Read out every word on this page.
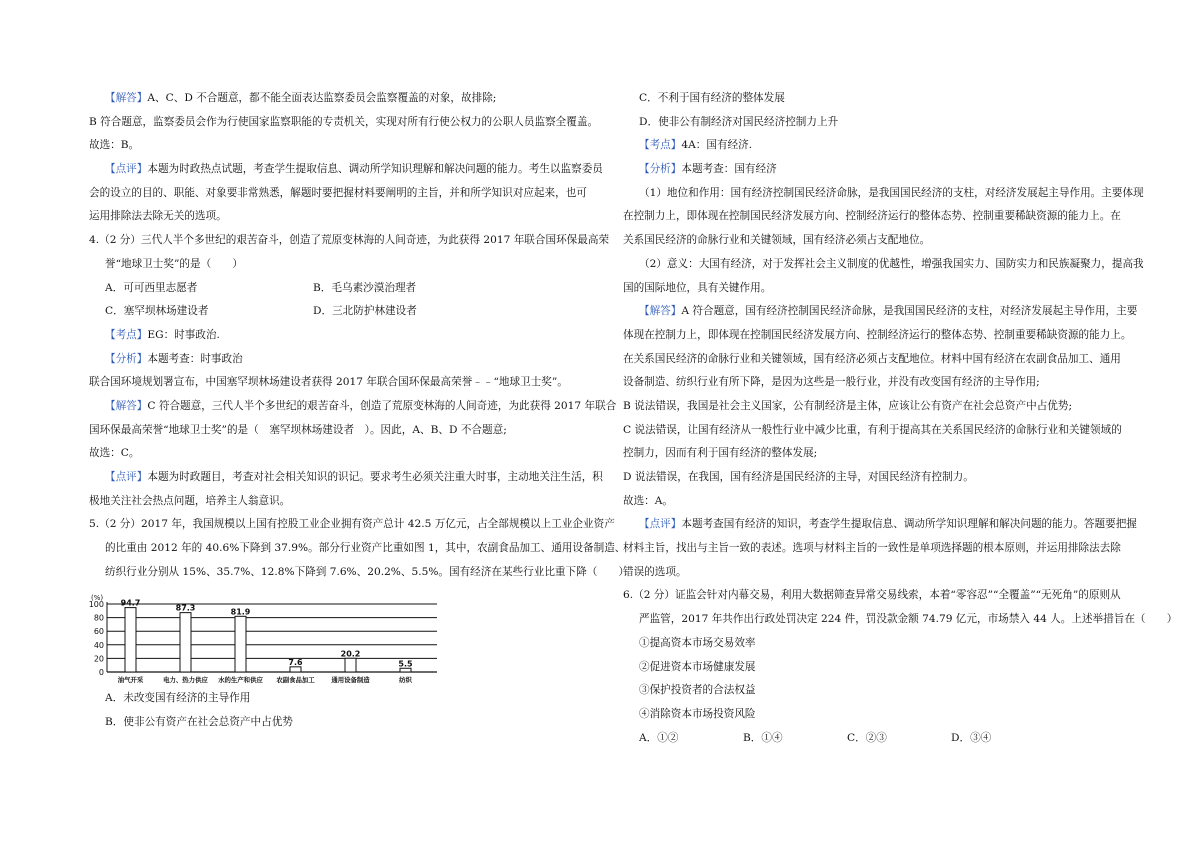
【解答】A、C、D 不合题意，都不能全面表达监察委员会监察覆盖的对象，故排除;
B 符合题意，监察委员会作为行使国家监察职能的专责机关，实现对所有行使公权力的公职人员监察全覆盖。
故选：B。
【点评】本题为时政热点试题，考查学生提取信息、调动所学知识理解和解决问题的能力。考生以监察委员
会的设立的目的、职能、对象要非常熟悉，解题时要把握材料要阐明的主旨，并和所学知识对应起来，也可
运用排除法去除无关的选项。
4.（2 分）三代人半个多世纪的艰苦奋斗，创造了荒原变林海的人间奇迹，为此获得 2017 年联合国环保最高荣
誉“地球卫士奖”的是（　　）
A．可可西里志愿者	B．毛乌素沙漠治理者
C．塞罕坝林场建设者	D．三北防护林建设者
【考点】EG：时事政治.
【分析】本题考查：时事政治
联合国环境规划署宣布，中国塞罕坝林场建设者获得 2017 年联合国环保最高荣誉﹣﹣“地球卫士奖”。
【解答】C 符合题意，三代人半个多世纪的艰苦奋斗，创造了荒原变林海的人间奇迹，为此获得 2017 年联合
国环保最高荣誉“地球卫士奖”的是（　塞罕坝林场建设者　）。因此，A、B、D 不合题意;
故选：C。
【点评】本题为时政题目，考查对社会相关知识的识记。要求考生必须关注重大时事，主动地关注生活，积
极地关注社会热点问题，培养主人翁意识。
5.（2 分）2017 年，我国规模以上国有控股工业企业拥有资产总计 42.5 万亿元，占全部规模以上工业企业资产
的比重由 2012 年的 40.6%下降到 37.9%。部分行业资产比重如图 1，其中，农副食品加工、通用设备制造、
纺织行业分别从 15%、35.7%、12.8%下降到 7.6%、20.2%、5.5%。国有经济在某些行业比重下降（　　）
(%)
0
20
40
60
80
100 94.7
油气开采
87.3
电力、热力供应
81.9
水的生产和供应
7.6
农副食品加工
20.2
通用设备制造
5.5
纺织
A．未改变国有经济的主导作用
B．使非公有资产在社会总资产中占优势
C．不利于国有经济的整体发展
D．使非公有制经济对国民经济控制力上升
【考点】4A：国有经济.
【分析】本题考查：国有经济
（1）地位和作用：国有经济控制国民经济命脉，是我国国民经济的支柱，对经济发展起主导作用。主要体现
在控制力上，即体现在控制国民经济发展方向、控制经济运行的整体态势、控制重要稀缺资源的能力上。在
关系国民经济的命脉行业和关键领域，国有经济必须占支配地位。
（2）意义：大国有经济，对于发挥社会主义制度的优越性，增强我国实力、国防实力和民族凝聚力，提高我
国的国际地位，具有关键作用。
【解答】A 符合题意，国有经济控制国民经济命脉，是我国国民经济的支柱，对经济发展起主导作用，主要
体现在控制力上，即体现在控制国民经济发展方向、控制经济运行的整体态势、控制重要稀缺资源的能力上。
在关系国民经济的命脉行业和关键领域，国有经济必须占支配地位。材料中国有经济在农副食品加工、通用
设备制造、纺织行业有所下降，是因为这些是一般行业，并没有改变国有经济的主导作用;
B 说法错误，我国是社会主义国家，公有制经济是主体，应该让公有资产在社会总资产中占优势;
C 说法错误，让国有经济从一般性行业中减少比重，有利于提高其在关系国民经济的命脉行业和关键领域的
控制力，因而有利于国有经济的整体发展;
D 说法错误，在我国，国有经济是国民经济的主导，对国民经济有控制力。
故选：A。
【点评】本题考查国有经济的知识，考查学生提取信息、调动所学知识理解和解决问题的能力。答题要把握
材料主旨，找出与主旨一致的表述。选项与材料主旨的一致性是单项选择题的根本原则，并运用排除法去除
错误的选项。
6.（2 分）证监会针对内幕交易，利用大数据筛查异常交易线索，本着“零容忍”“全覆盖”“无死角”的原则从
严监管，2017 年共作出行政处罚决定 224 件，罚没款金额 74.79 亿元，市场禁入 44 人。上述举措旨在（　　）
①提高资本市场交易效率
②促进资本市场健康发展
③保护投资者的合法权益
④消除资本市场投资风险
A．①②	B．①④	C．②③	D．③④
